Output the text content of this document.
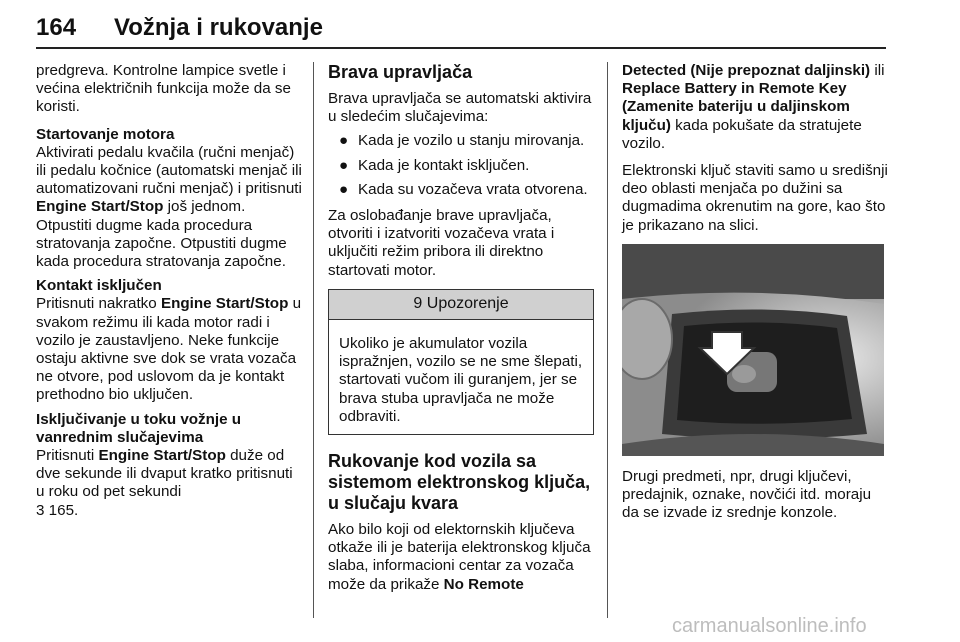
164 Vožnja i rukovanje

predgreva. Kontrolne lampice svetle i većina električnih funkcija može da se koristi.

Startovanje motora
Aktivirati pedalu kvačila (ručni menjač) ili pedalu kočnice (automatski menjač ili automatizovani ručni menjač) i pritisnuti Engine Start/Stop još jednom. Otpustiti dugme kada procedura stratovanja započne. Otpustiti dugme kada procedura stratovanja započne.
Kontakt isključen
Pritisnuti nakratko Engine Start/Stop u svakom režimu ili kada motor radi i vozilo je zaustavljeno. Neke funkcije ostaju aktivne sve dok se vrata vozača ne otvore, pod uslovom da je kontakt prethodno bio uključen.
Isključivanje u toku vožnje u vanrednim slučajevima
Pritisnuti Engine Start/Stop duže od dve sekunde ili dvaput kratko pritisnuti u roku od pet sekundi
3 165.
Brava upravljača

Brava upravljača se automatski aktivira u sledećim slučajevima:

● Kada je vozilo u stanju mirovanja.
● Kada je kontakt isključen.
● Kada su vozačeva vrata otvorena.

Za oslobađanje brave upravljača, otvoriti i izatvoriti vozačeva vrata i uključiti režim pribora ili direktno startovati motor.

9 Upozorenje
Ukoliko je akumulator vozila ispražnjen, vozilo se ne sme šlepati, startovati vučom ili guranjem, jer se brava stuba upravljača ne može odbraviti.
Rukovanje kod vozila sa sistemom elektronskog ključa, u slučaju kvara
Ako bilo koji od elektornskih ključeva otkaže ili je baterija elektronskog ključa slaba, informacioni centar za vozača može da prikaže No Remote

Detected (Nije prepoznat daljinski) ili Replace Battery in Remote Key (Zamenite bateriju u daljinskom ključu) kada pokušate da stratujete vozilo.

Elektronski ključ staviti samo u središnji deo oblasti menjača po dužini sa dugmadima okrenutim na gore, kao što je prikazano na slici.

Drugi predmeti, npr, drugi ključevi, predajnik, oznake, novčići itd. moraju da se izvade iz srednje konzole.

carmanualsonline.info
